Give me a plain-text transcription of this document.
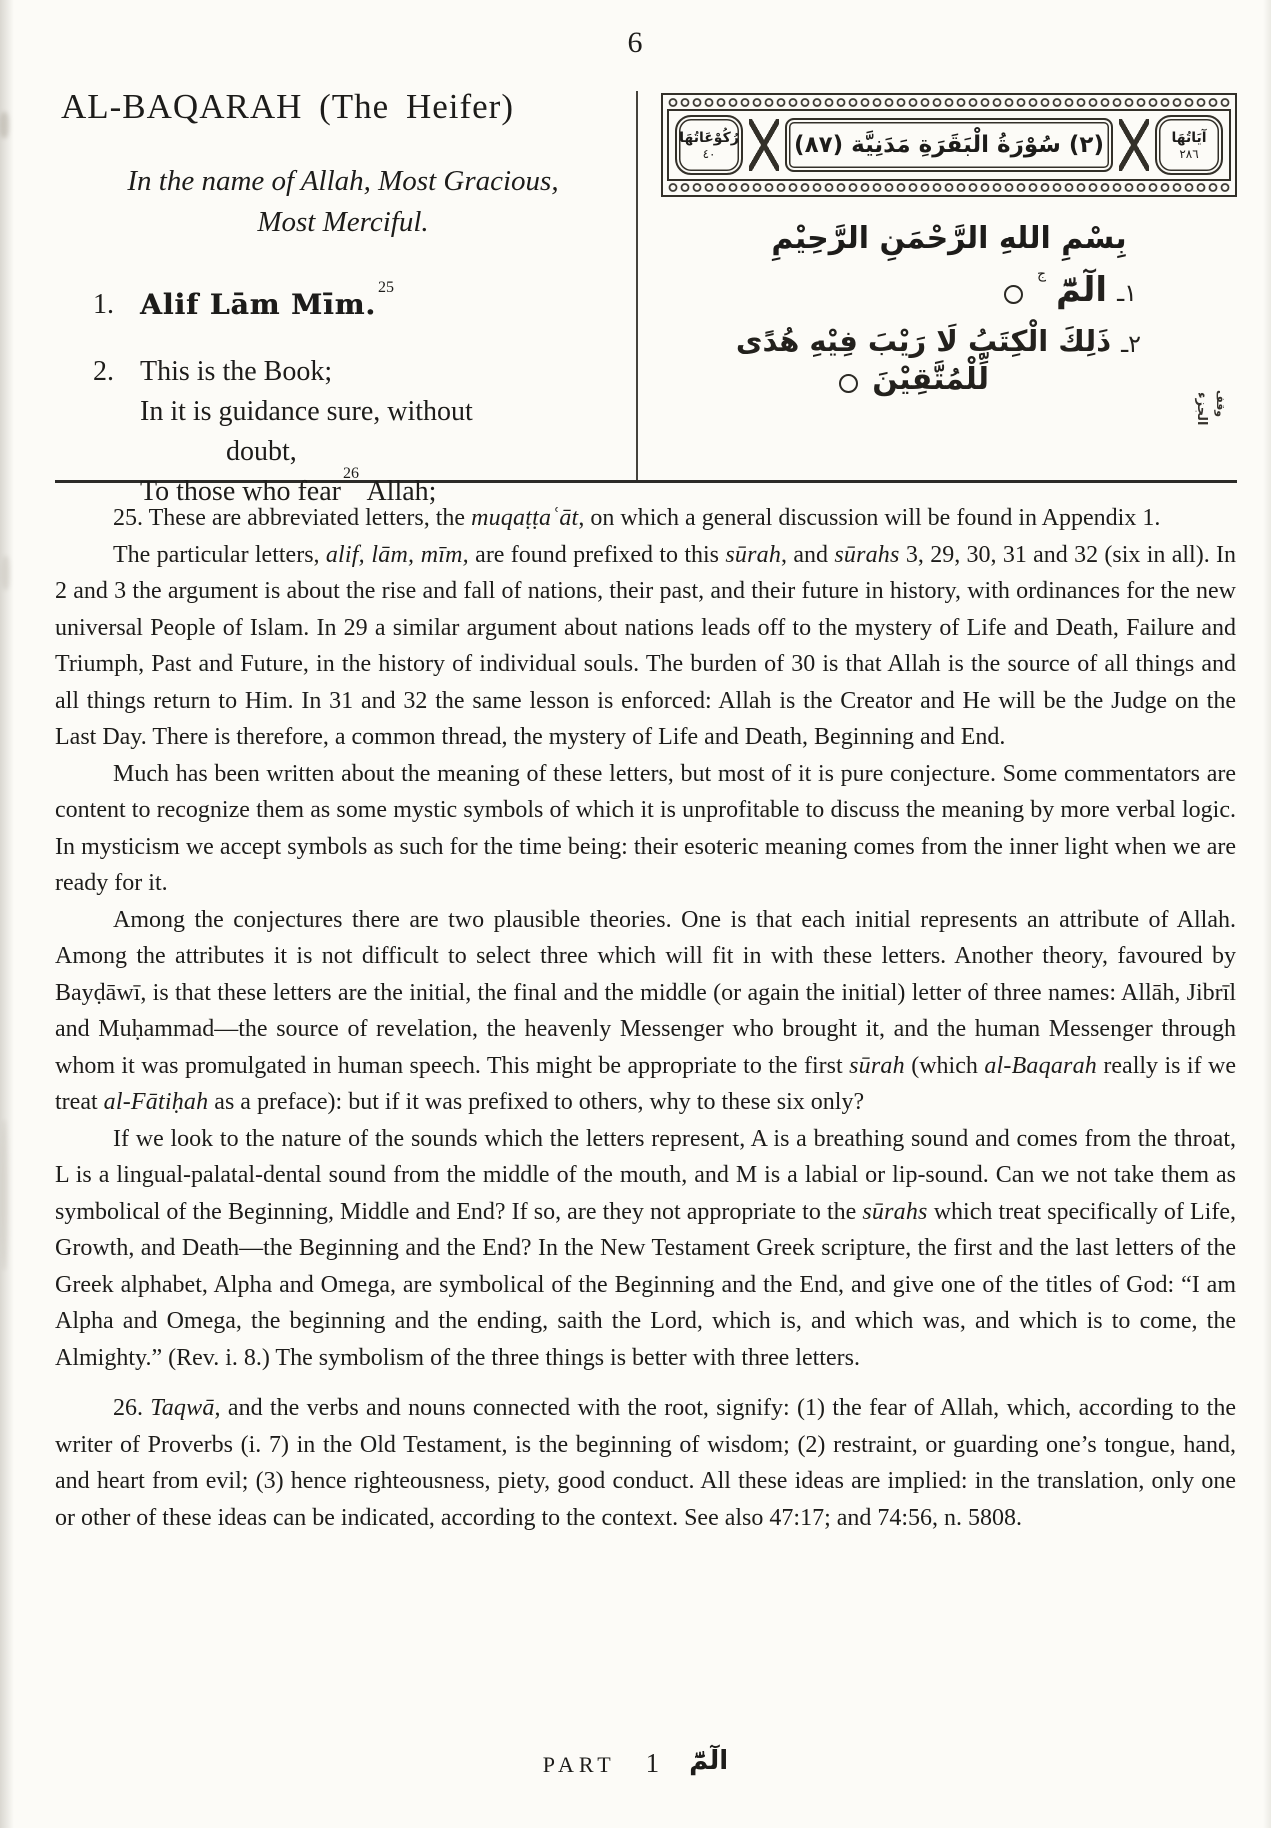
6
AL-BAQARAH (The Heifer)
In the name of Allah, Most Gracious,
Most Merciful.
1. Alif Lām Mīm.$^{25}$
2. This is the Book;
In it is guidance sure, without
doubt,
To those who fear$^{26}$ Allah;
آيَاتُهَا
٢٨٦
(٢) سُوْرَةُ الْبَقَرَةِ مَدَنِيَّة (٨٧)
رُكُوْعَاتُهَا
٤٠
بِسْمِ اللهِ الرَّحْمَنِ الرَّحِيْمِ
١ـ
الٓمّٓ
ج
٢ـ
ذَلِكَ الْكِتَبُ لَا رَيْبَ فِيْهِ هُدًى
لِّلْمُتَّقِيْنَ
وقف
الجزء

25. These are abbreviated letters, the muqaṭṭaʿāt, on which a general discussion will be found in Appendix 1.

The particular letters, alif, lām, mīm, are found prefixed to this sūrah, and sūrahs 3, 29, 30, 31 and 32 (six in all). In 2 and 3 the argument is about the rise and fall of nations, their past, and their future in history, with ordinances for the new universal People of Islam. In 29 a similar argument about nations leads off to the mystery of Life and Death, Failure and Triumph, Past and Future, in the history of individual souls. The burden of 30 is that Allah is the source of all things and all things return to Him. In 31 and 32 the same lesson is enforced: Allah is the Creator and He will be the Judge on the Last Day. There is therefore, a common thread, the mystery of Life and Death, Beginning and End.

Much has been written about the meaning of these letters, but most of it is pure conjecture. Some commentators are content to recognize them as some mystic symbols of which it is unprofitable to discuss the meaning by more verbal logic. In mysticism we accept symbols as such for the time being: their esoteric meaning comes from the inner light when we are ready for it.

Among the conjectures there are two plausible theories. One is that each initial represents an attribute of Allah. Among the attributes it is not difficult to select three which will fit in with these letters. Another theory, favoured by Bayḍāwī, is that these letters are the initial, the final and the middle (or again the initial) letter of three names: Allāh, Jibrīl and Muḥammad—the source of revelation, the heavenly Messenger who brought it, and the human Messenger through whom it was promulgated in human speech. This might be appropriate to the first sūrah (which al-Baqarah really is if we treat al-Fātiḥah as a preface): but if it was prefixed to others, why to these six only?

If we look to the nature of the sounds which the letters represent, A is a breathing sound and comes from the throat, L is a lingual-palatal-dental sound from the middle of the mouth, and M is a labial or lip-sound. Can we not take them as symbolical of the Beginning, Middle and End? If so, are they not appropriate to the sūrahs which treat specifically of Life, Growth, and Death—the Beginning and the End? In the New Testament Greek scripture, the first and the last letters of the Greek alphabet, Alpha and Omega, are symbolical of the Beginning and the End, and give one of the titles of God: “I am Alpha and Omega, the beginning and the ending, saith the Lord, which is, and which was, and which is to come, the Almighty.” (Rev. i. 8.) The symbolism of the three things is better with three letters.

26. Taqwā, and the verbs and nouns connected with the root, signify: (1) the fear of Allah, which, according to the writer of Proverbs (i. 7) in the Old Testament, is the beginning of wisdom; (2) restraint, or guarding one’s tongue, hand, and heart from evil; (3) hence righteousness, piety, good conduct. All these ideas are implied: in the translation, only one or other of these ideas can be indicated, according to the context. See also 47:17; and 74:56, n. 5808.

PART 1 الٓمّٓ
